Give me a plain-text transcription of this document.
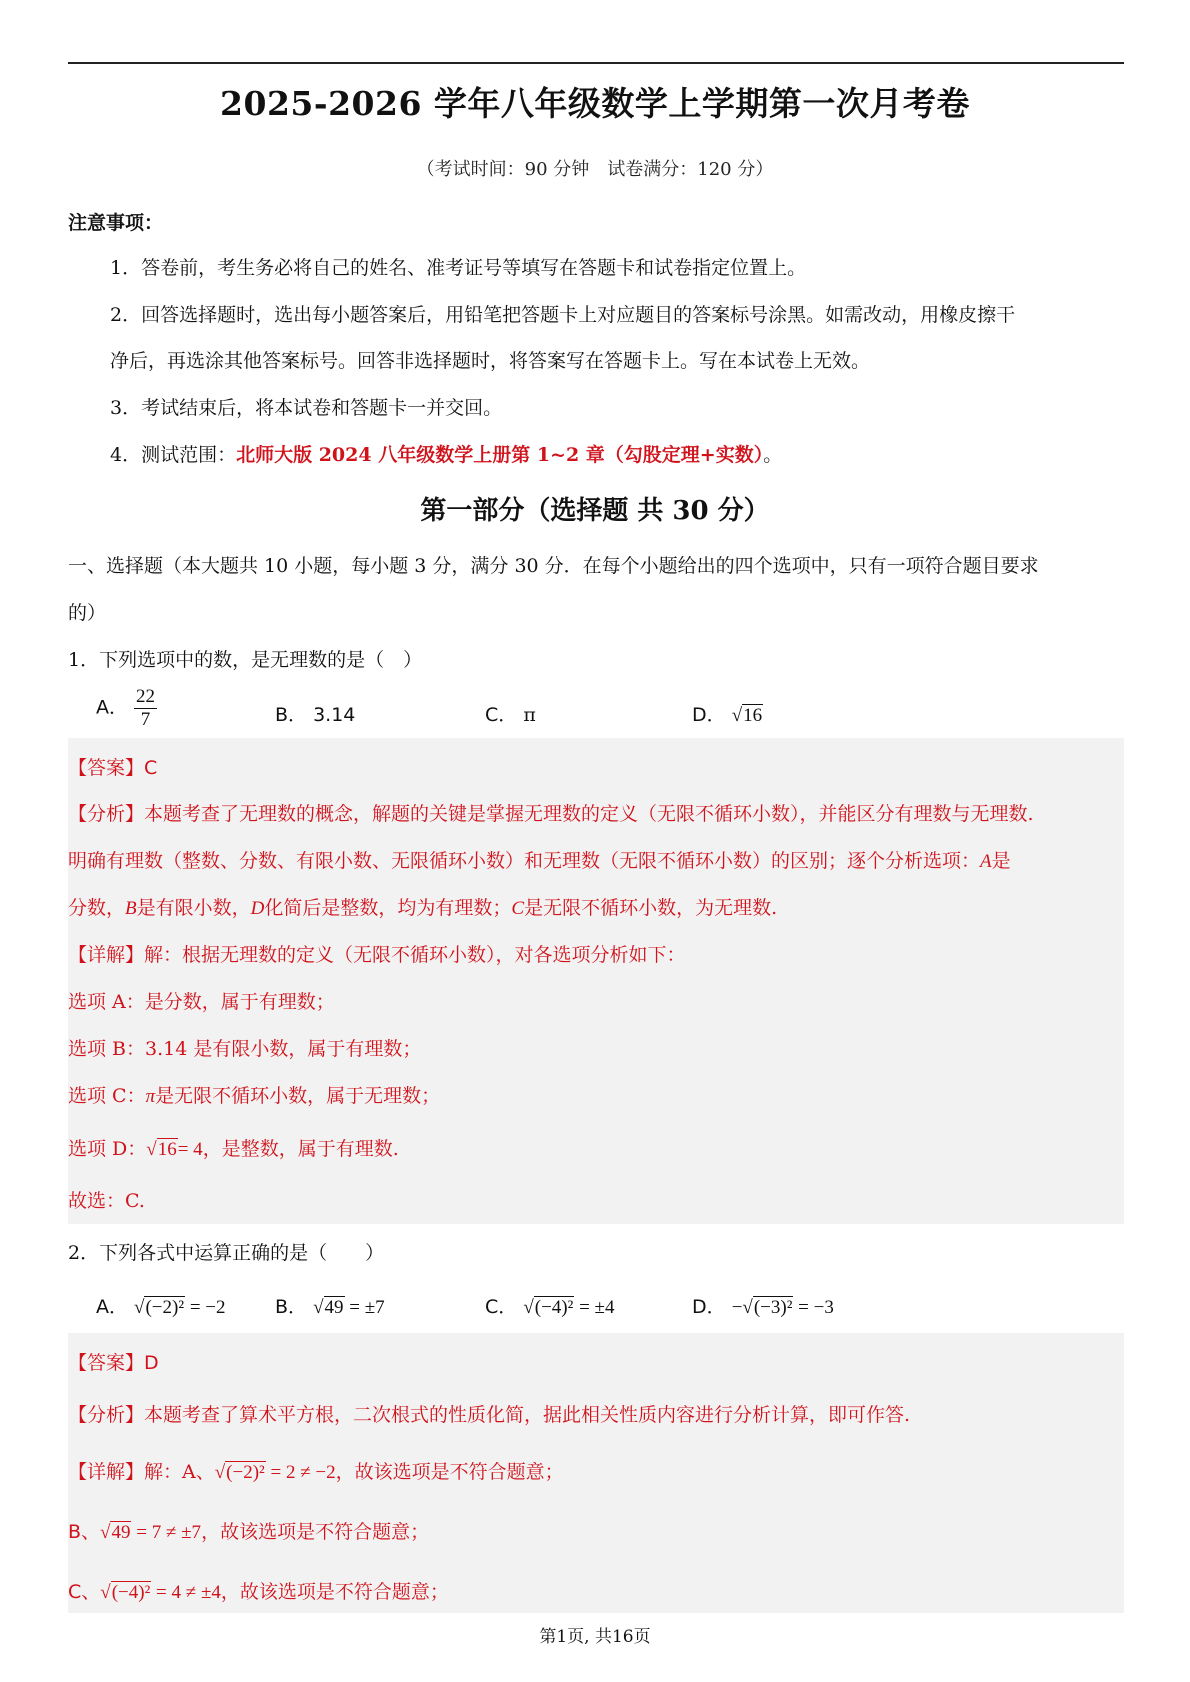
2025-2026 学年八年级数学上学期第一次月考卷
（考试时间：90 分钟　试卷满分：120 分）
注意事项：
1．答卷前，考生务必将自己的姓名、准考证号等填写在答题卡和试卷指定位置上。
2．回答选择题时，选出每小题答案后，用铅笔把答题卡上对应题目的答案标号涂黑。如需改动，用橡皮擦干
净后，再选涂其他答案标号。回答非选择题时，将答案写在答题卡上。写在本试卷上无效。
3．考试结束后，将本试卷和答题卡一并交回。
4．测试范围：北师大版 2024 八年级数学上册第 1~2 章（勾股定理+实数）。
第一部分（选择题 共 30 分）
一、选择题（本大题共 10 小题，每小题 3 分，满分 30 分．在每个小题给出的四个选项中，只有一项符合题目要求
的）
1．下列选项中的数，是无理数的是（　）
A． $\frac{22}{7}$	B． 3.14	C． π	D． √16
【答案】C
【分析】本题考查了无理数的概念，解题的关键是掌握无理数的定义（无限不循环小数），并能区分有理数与无理数.
明确有理数（整数、分数、有限小数、无限循环小数）和无理数（无限不循环小数）的区别；逐个分析选项：A是
分数，B是有限小数，D化简后是整数，均为有理数；C是无限不循环小数，为无理数.
【详解】解：根据无理数的定义（无限不循环小数），对各选项分析如下：
选项 A：是分数，属于有理数；
选项 B：3.14 是有限小数，属于有理数；
选项 C：π是无限不循环小数，属于无理数；
选项 D：√16= 4，是整数，属于有理数.
故选：C.
2．下列各式中运算正确的是（　　）
A． √(−2)² = −2	B． √49 = ±7	C． √(−4)² = ±4	D． −√(−3)² = −3
【答案】D
【分析】本题考查了算术平方根，二次根式的性质化简，据此相关性质内容进行分析计算，即可作答.
【详解】解：A、√(−2)² = 2 ≠ −2，故该选项是不符合题意；
B、√49 = 7 ≠ ±7，故该选项是不符合题意；
C、√(−4)² = 4 ≠ ±4，故该选项是不符合题意；
第1页, 共16页
